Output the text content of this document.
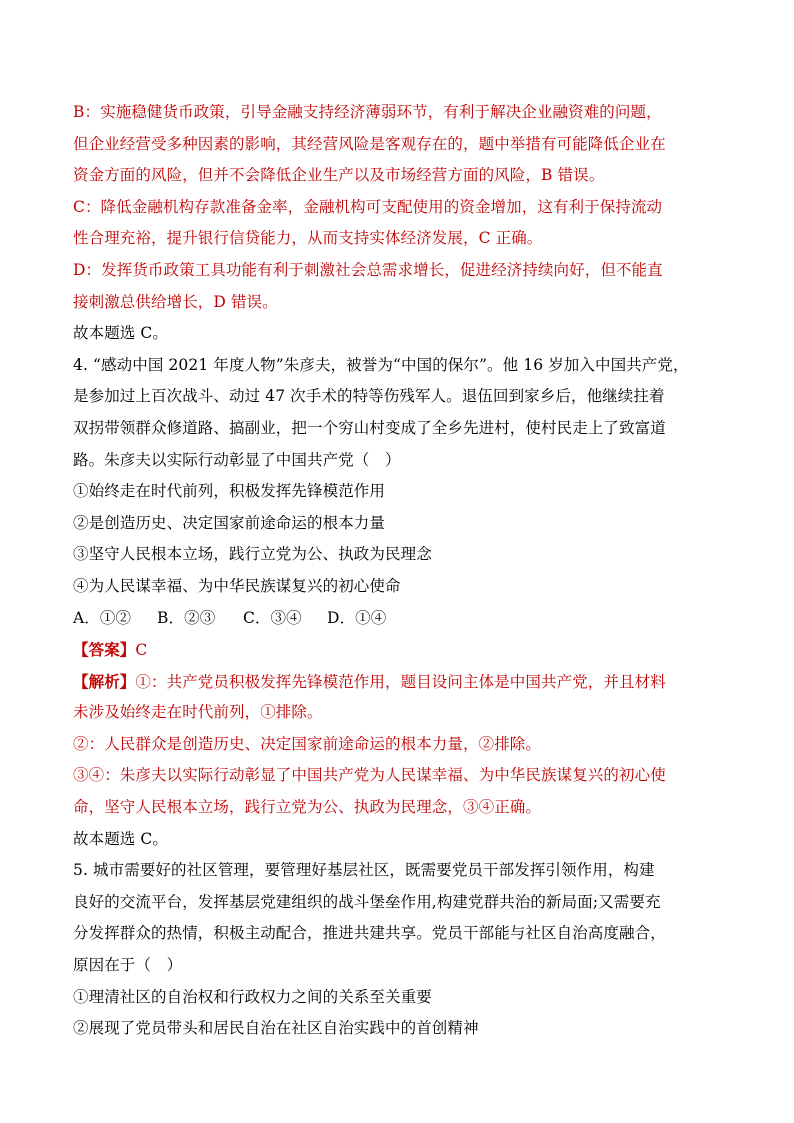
B：实施稳健货币政策，引导金融支持经济薄弱环节，有利于解决企业融资难的问题，
但企业经营受多种因素的影响，其经营风险是客观存在的，题中举措有可能降低企业在
资金方面的风险，但并不会降低企业生产以及市场经营方面的风险，B 错误。
C：降低金融机构存款准备金率，金融机构可支配使用的资金增加，这有利于保持流动
性合理充裕，提升银行信贷能力，从而支持实体经济发展，C 正确。
D：发挥货币政策工具功能有利于刺激社会总需求增长，促进经济持续向好，但不能直
接刺激总供给增长，D 错误。
故本题选 C。
4. “感动中国 2021 年度人物”朱彦夫，被誉为“中国的保尔”。他 16 岁加入中国共产党，
是参加过上百次战斗、动过 47 次手术的特等伤残军人。退伍回到家乡后，他继续拄着
双拐带领群众修道路、搞副业，把一个穷山村变成了全乡先进村，使村民走上了致富道
路。朱彦夫以实际行动彰显了中国共产党（　）
①始终走在时代前列，积极发挥先锋模范作用
②是创造历史、决定国家前途命运的根本力量
③坚守人民根本立场，践行立党为公、执政为民理念
④为人民谋幸福、为中华民族谋复兴的初心使命
A．①② B．②③ C．③④ D．①④
【答案】C
【解析】①：共产党员积极发挥先锋模范作用，题目设问主体是中国共产党，并且材料
未涉及始终走在时代前列，①排除。
②：人民群众是创造历史、决定国家前途命运的根本力量，②排除。
③④：朱彦夫以实际行动彰显了中国共产党为人民谋幸福、为中华民族谋复兴的初心使
命，坚守人民根本立场，践行立党为公、执政为民理念，③④正确。
故本题选 C。
5. 城市需要好的社区管理，要管理好基层社区，既需要党员干部发挥引领作用，构建
良好的交流平台，发挥基层党建组织的战斗堡垒作用,构建党群共治的新局面;又需要充
分发挥群众的热情，积极主动配合，推进共建共享。党员干部能与社区自治高度融合，
原因在于（　）
①理清社区的自治权和行政权力之间的关系至关重要
②展现了党员带头和居民自治在社区自治实践中的首创精神
